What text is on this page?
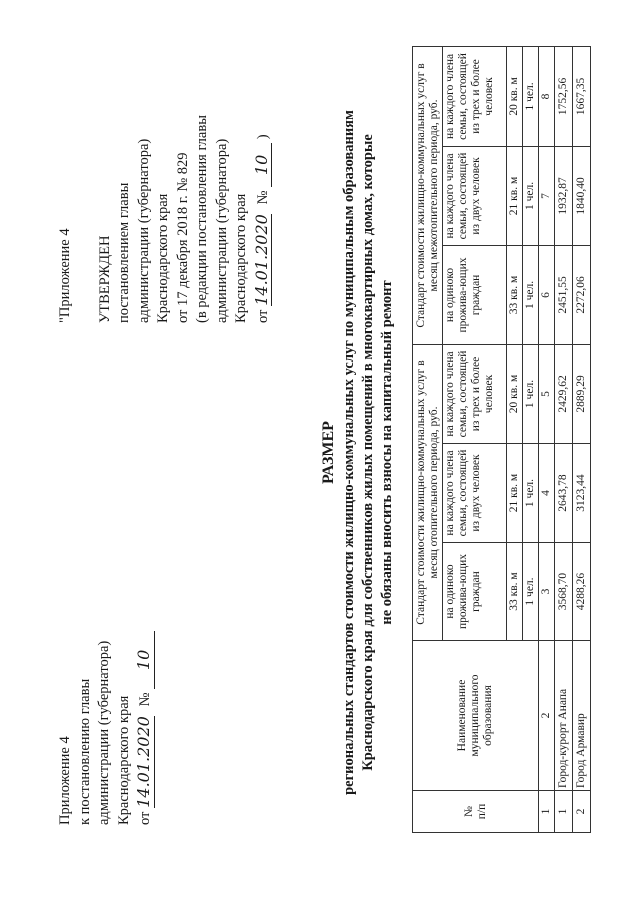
Приложение 4 к постановлению главы администрации (губернатора) Краснодарского края от 14.01.2020 № 10
"Приложение 4 УТВЕРЖДЕН постановлением главы администрации (губернатора) Краснодарского края от 17 декабря 2018 г. № 829 (в редакции постановления главы администрации (губернатора) Краснодарского края от 14.01.2020 № 10 )
РАЗМЕР региональных стандартов стоимости жилищно-коммунальных услуг по муниципальным образованиям Краснодарского края для собственников жилых помещений в многоквартирных домах, которые не обязаны вносить взносы на капитальный ремонт
№
п/п	Наименование муниципального образования	Стандарт стоимости жилищно-коммунальных услуг в месяц отопительного периода, руб.			Стандарт стоимости жилищно-коммунальных услуг в месяц межотопительного периода, руб.		
		на одиноко прожива-ющих граждан	на каждого члена семьи, состоящей из двух человек	на каждого члена семьи, состоящей из трех и более человек	на одиноко прожива-ющих граждан	на каждого члена семьи, состоящей из двух человек	на каждого члена семьи, состоящей из трех и более человек
		33 кв. м	21 кв. м	20 кв. м	33 кв. м	21 кв. м	20 кв. м
		1 чел.	1 чел.	1 чел.	1 чел.	1 чел.	1 чел.
1	2	3	4	5	6	7	8
1	Город-курорт Анапа	3568,70	2643,78	2429,62	2451,55	1932,87	1752,56
2	Город Армавир	4288,26	3123,44	2889,29	2272,06	1840,40	1667,35
